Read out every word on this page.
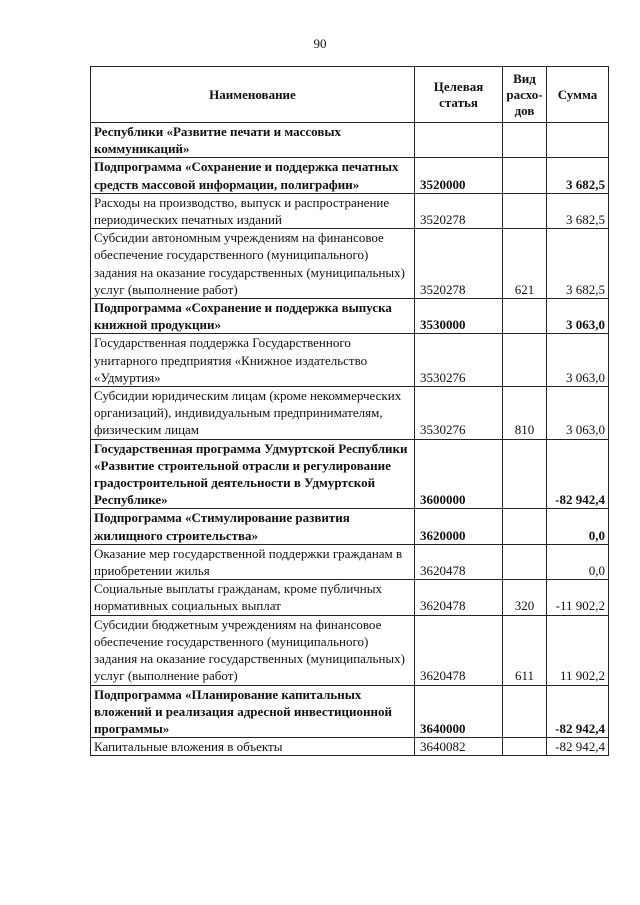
90
Наименование	Целевая статья	Вид расхо-дов	Сумма
Республики «Развитие печати и массовых коммуникаций»			
Подпрограмма «Сохранение и поддержка печатных средств массовой информации, полиграфии»	3520000		3 682,5
Расходы на производство, выпуск и распространение периодических печатных изданий	3520278		3 682,5
Субсидии автономным учреждениям на финансовое обеспечение государственного (муниципального) задания на оказание государственных (муниципальных) услуг (выполнение работ)	3520278	621	3 682,5
Подпрограмма «Сохранение и поддержка выпуска книжной продукции»	3530000		3 063,0
Государственная поддержка Государственного унитарного предприятия «Книжное издательство «Удмуртия»	3530276		3 063,0
Субсидии юридическим лицам (кроме некоммерческих организаций), индивидуальным предпринимателям, физическим лицам	3530276	810	3 063,0
Государственная программа Удмуртской Республики «Развитие строительной отрасли и регулирование градостроительной деятельности в Удмуртской Республике»	3600000		-82 942,4
Подпрограмма «Стимулирование развития жилищного строительства»	3620000		0,0
Оказание мер государственной поддержки гражданам в приобретении жилья	3620478		0,0
Социальные выплаты гражданам, кроме публичных нормативных социальных выплат	3620478	320	-11 902,2
Субсидии бюджетным учреждениям на финансовое обеспечение государственного (муниципального) задания на оказание государственных (муниципальных) услуг (выполнение работ)	3620478	611	11 902,2
Подпрограмма «Планирование капитальных вложений и реализация адресной инвестиционной программы»	3640000		-82 942,4
Капитальные вложения в объекты	3640082		-82 942,4
